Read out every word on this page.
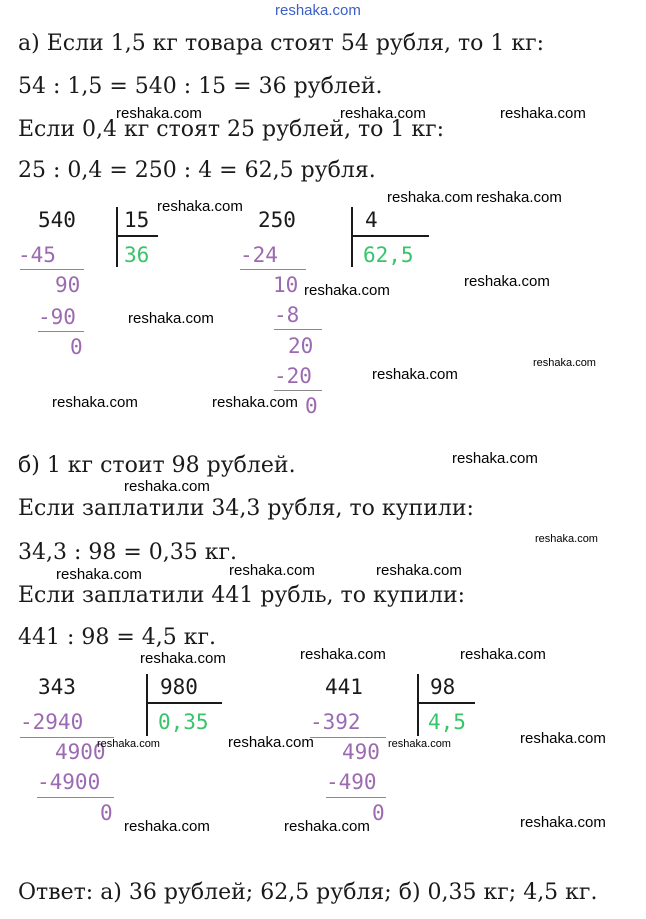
reshaka.com
а) Если 1,5 кг товара стоят 54 рубля, то 1 кг:
54 : 1,5 = 540 : 15 = 36 рублей.
Если 0,4 кг стоят 25 рублей, то 1 кг:
25 : 0,4 = 250 : 4 = 62,5 рубля.
540 15
36
-45
90
-90
0
250	4
62,5
-24
10
-8
20
-20
0
б) 1 кг стоит 98 рублей.
Если заплатили 34,3 рубля, то купили:
34,3 : 98 = 0,35 кг.
Если заплатили 441 рубль, то купили:
441 : 98 = 4,5 кг.
343	980
0,35
-2940
4900
-4900
0
441	98
4,5
-392
490
-490
0
Ответ: а) 36 рублей; 62,5 рубля; б) 0,35 кг; 4,5 кг.
reshaka.com	reshaka.com	reshaka.com
reshaka.com
reshaka.com reshaka.com
reshaka.com
reshaka.com
reshaka.com
reshaka.com
reshaka.com
reshaka.com	reshaka.com
reshaka.com
reshaka.com
reshaka.com
reshaka.com	reshaka.com	reshaka.com
reshaka.com	reshaka.com	reshaka.com
reshaka.com	reshaka.com	reshaka.com	reshaka.com
reshaka.com	reshaka.com	reshaka.com
